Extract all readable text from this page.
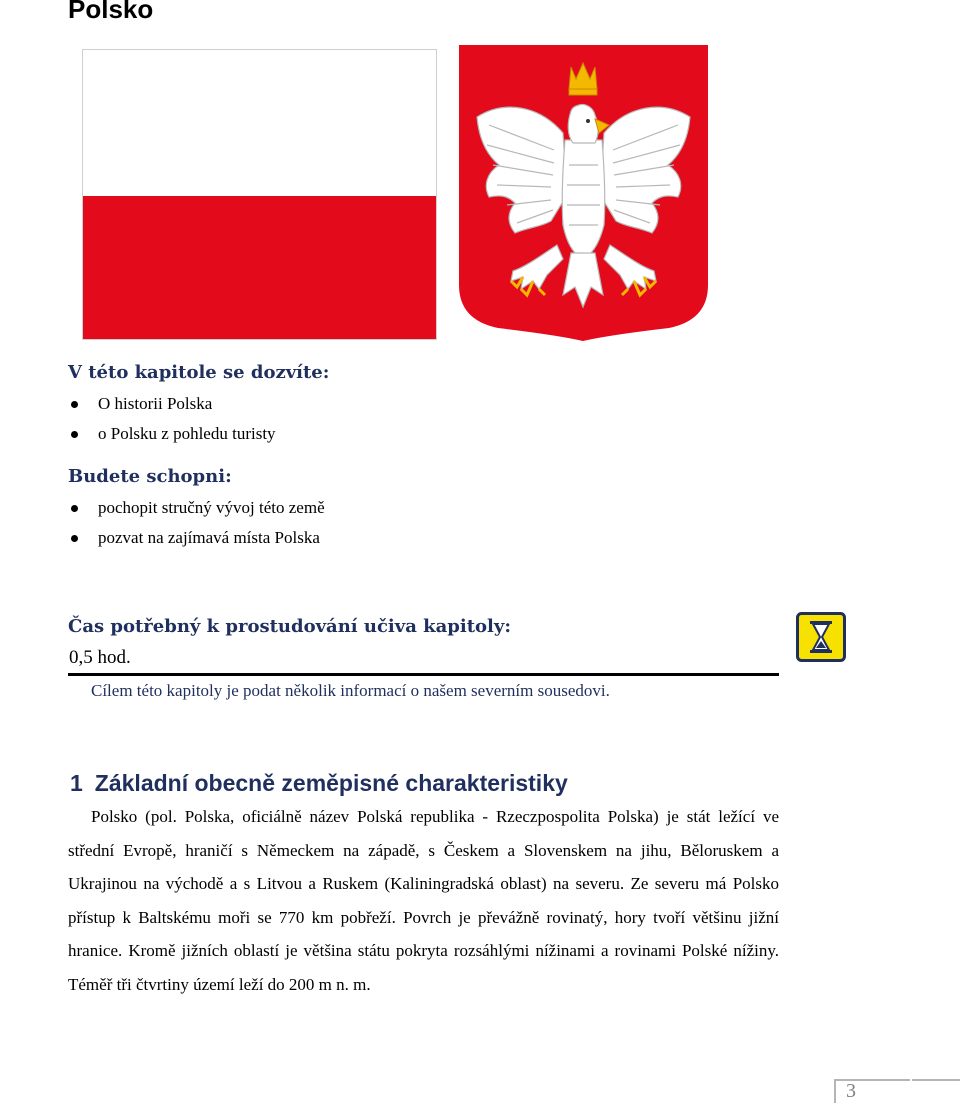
Polsko
V této kapitole se dozvíte:
O historii Polska
o Polsku z pohledu turisty
Budete schopni:
pochopit stručný vývoj této země
pozvat na zajímavá místa Polska
Čas potřebný k prostudování učiva kapitoly:
0,5 hod.
Cílem této kapitoly je podat několik informací o našem severním sousedovi.
1 Základní obecně zeměpisné charakteristiky

Polsko (pol. Polska, oficiálně název Polská republika - Rzeczpospolita Polska) je stát ležící ve střední Evropě, hraničí s Německem na západě, s Českem a Slovenskem na jihu, Běloruskem a Ukrajinou na východě a s Litvou a Ruskem (Kaliningradská oblast) na severu. Ze severu má Polsko přístup k Baltskému moři se 770 km pobřeží. Povrch je převážně rovinatý, hory tvoří většinu jižní hranice. Kromě jižních oblastí je většina státu pokryta rozsáhlými nížinami a rovinami Polské nížiny. Téměř tři čtvrtiny území leží do 200 m n. m.

3
